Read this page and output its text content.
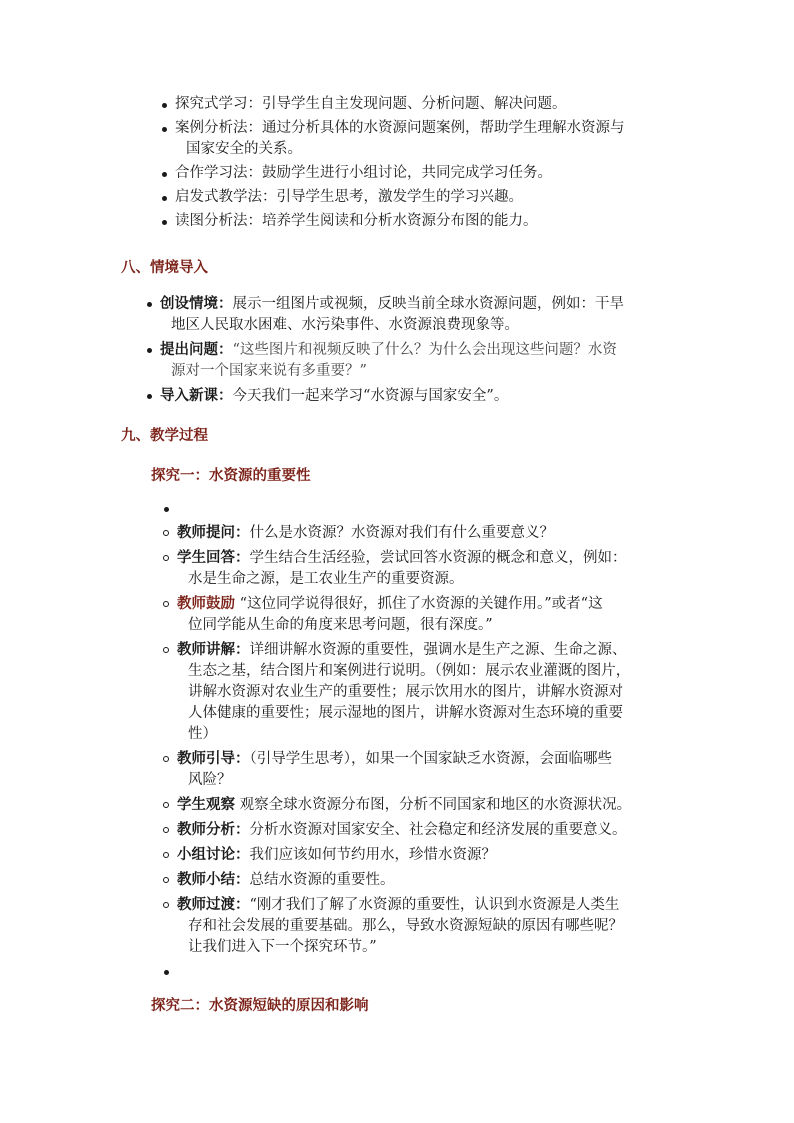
探究式学习：引导学生自主发现问题、分析问题、解决问题。
案例分析法：通过分析具体的水资源问题案例，帮助学生理解水资源与
国家安全的关系。
合作学习法：鼓励学生进行小组讨论，共同完成学习任务。
启发式教学法：引导学生思考，激发学生的学习兴趣。
读图分析法：培养学生阅读和分析水资源分布图的能力。
八、情境导入
创设情境：展示一组图片或视频，反映当前全球水资源问题，例如：干旱
地区人民取水困难、水污染事件、水资源浪费现象等。
提出问题：“这些图片和视频反映了什么？为什么会出现这些问题？水资
源对一个国家来说有多重要？”
导入新课：今天我们一起来学习“水资源与国家安全”。
九、教学过程
探究一：水资源的重要性
教师提问：什么是水资源？水资源对我们有什么重要意义？
学生回答：学生结合生活经验，尝试回答水资源的概念和意义，例如：
水是生命之源，是工农业生产的重要资源。
教师鼓励 “这位同学说得很好，抓住了水资源的关键作用。”或者“这
位同学能从生命的角度来思考问题，很有深度。”
教师讲解：详细讲解水资源的重要性，强调水是生产之源、生命之源、
生态之基，结合图片和案例进行说明。（例如：展示农业灌溉的图片，
讲解水资源对农业生产的重要性；展示饮用水的图片，讲解水资源对
人体健康的重要性；展示湿地的图片，讲解水资源对生态环境的重要
性）
教师引导：（引导学生思考），如果一个国家缺乏水资源，会面临哪些
风险？
学生观察 观察全球水资源分布图，分析不同国家和地区的水资源状况。
教师分析：分析水资源对国家安全、社会稳定和经济发展的重要意义。
小组讨论：我们应该如何节约用水，珍惜水资源？
教师小结：总结水资源的重要性。
教师过渡：“刚才我们了解了水资源的重要性，认识到水资源是人类生
存和社会发展的重要基础。那么，导致水资源短缺的原因有哪些呢？
让我们进入下一个探究环节。”
探究二：水资源短缺的原因和影响
